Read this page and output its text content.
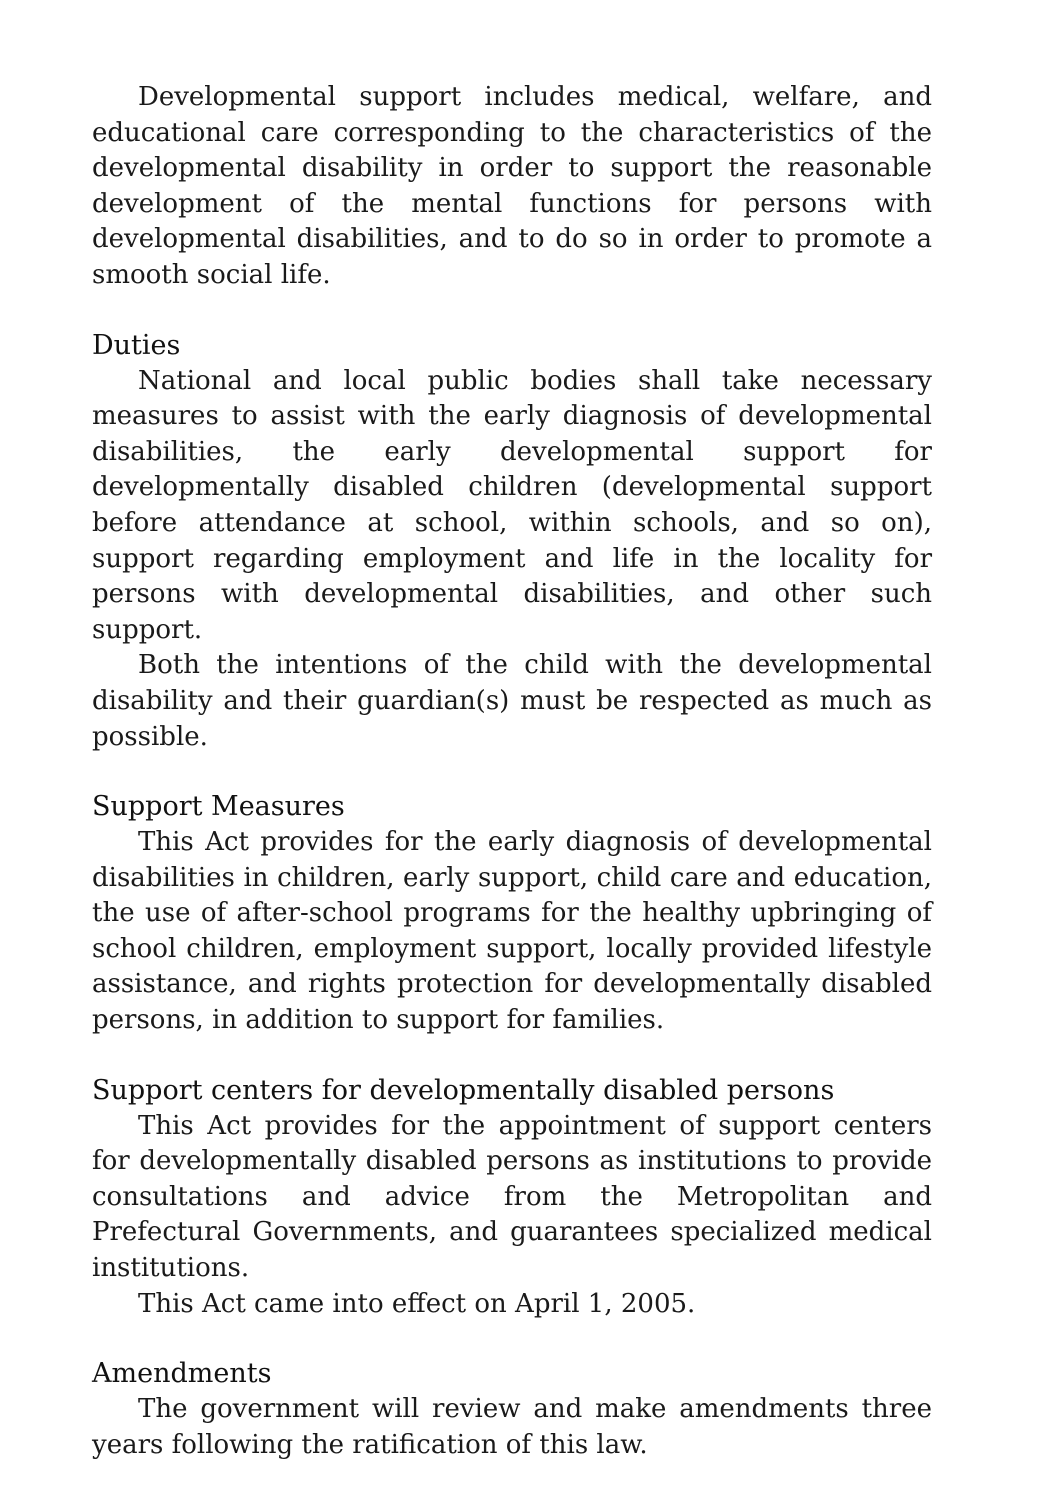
Developmental support includes medical, welfare, and educational care corresponding to the characteristics of the developmental disability in order to support the reasonable development of the mental functions for persons with developmental disabilities, and to do so in order to promote a smooth social life.

Duties

National and local public bodies shall take necessary measures to assist with the early diagnosis of developmental disabilities, the early developmental support for developmentally disabled children (developmental support before attendance at school, within schools, and so on), support regarding employment and life in the locality for persons with developmental disabilities, and other such support.

Both the intentions of the child with the developmental disability and their guardian(s) must be respected as much as possible.

Support Measures

This Act provides for the early diagnosis of developmental disabilities in children, early support, child care and education, the use of after-school programs for the healthy upbringing of school children, employment support, locally provided lifestyle assistance, and rights protection for developmentally disabled persons, in addition to support for families.

Support centers for developmentally disabled persons

This Act provides for the appointment of support centers for developmentally disabled persons as institutions to provide consultations and advice from the Metropolitan and Prefectural Governments, and guarantees specialized medical institutions.

This Act came into effect on April 1, 2005.

Amendments

The government will review and make amendments three years following the ratification of this law.
